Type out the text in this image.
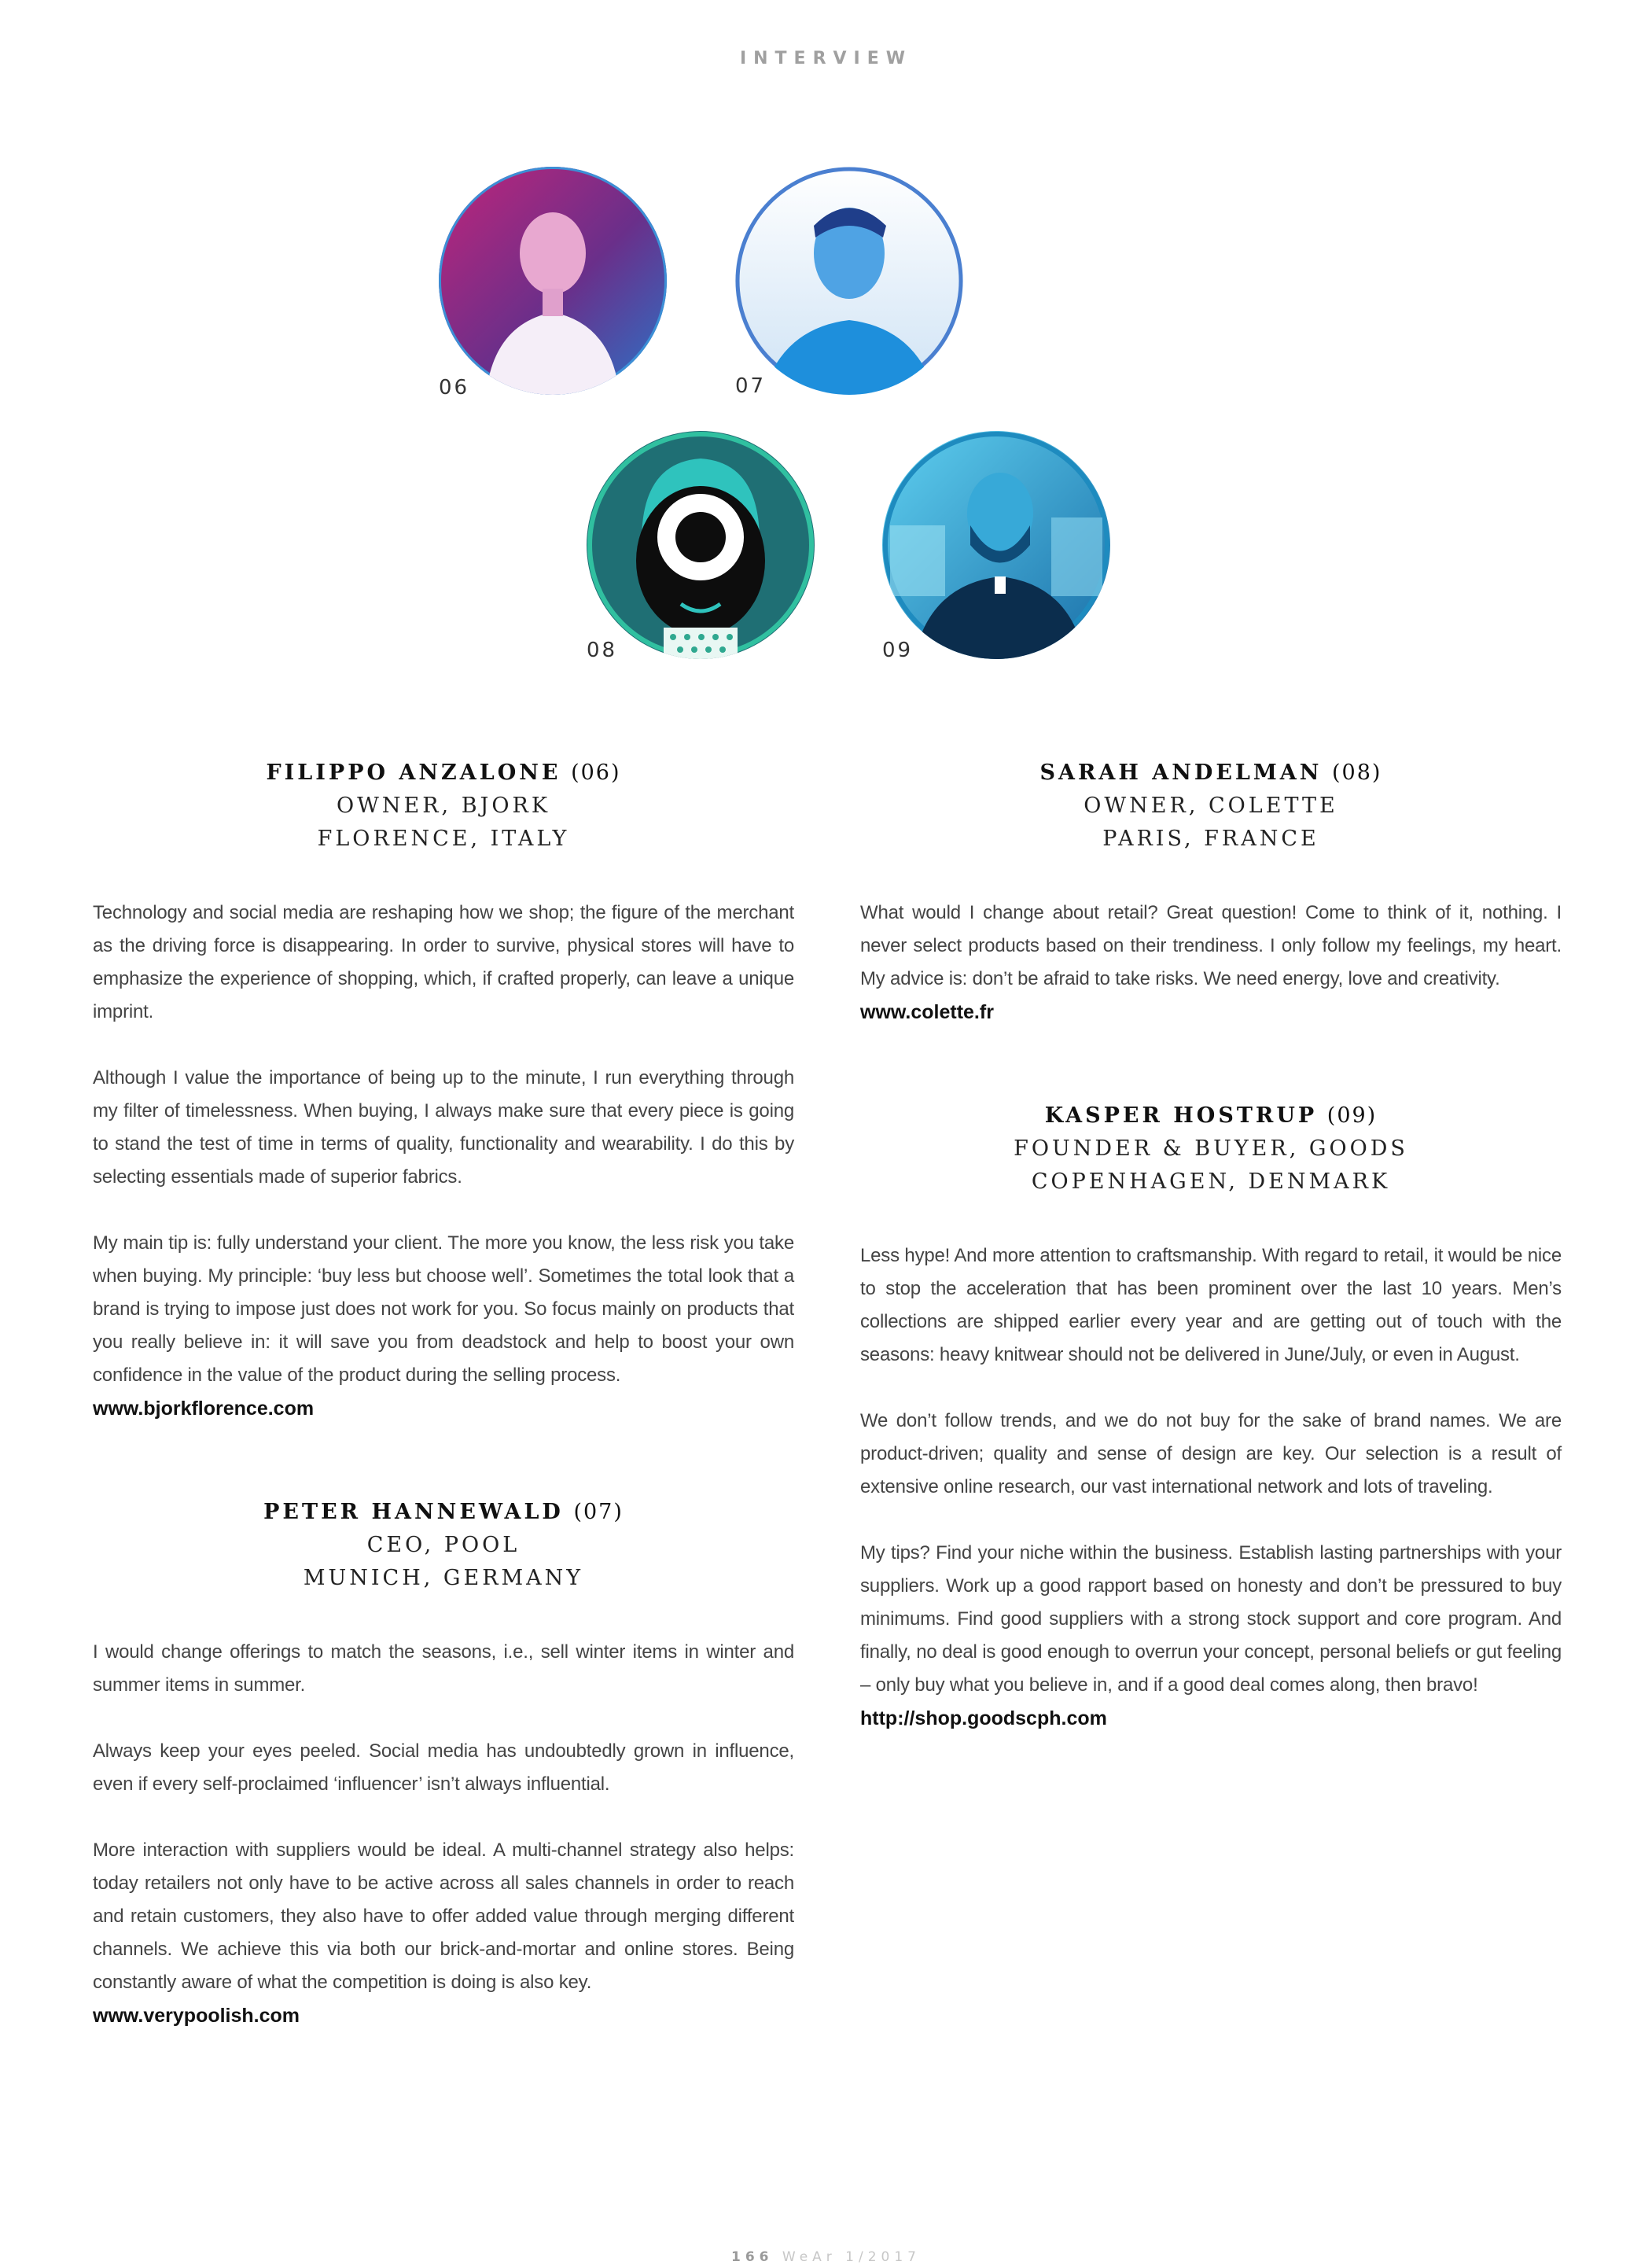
INTERVIEW
06	07
08	09
FILIPPO ANZALONE (06)
OWNER, BJORK
FLORENCE, ITALY

Technology and social media are reshaping how we shop; the figure of the merchant as the driving force is disappearing. In order to survive, physical stores will have to emphasize the experience of shopping, which, if crafted properly, can leave a unique imprint.

Although I value the importance of being up to the minute, I run everything through my filter of timelessness. When buying, I always make sure that every piece is going to stand the test of time in terms of quality, functionality and wearability. I do this by selecting essentials made of superior fabrics.

My main tip is: fully understand your client. The more you know, the less risk you take when buying. My principle: ‘buy less but choose well’. Sometimes the total look that a brand is trying to impose just does not work for you. So focus mainly on products that you really believe in: it will save you from deadstock and help to boost your own confidence in the value of the product during the selling process.

www.bjorkflorence.com

PETER HANNEWALD (07)
CEO, POOL
MUNICH, GERMANY

I would change offerings to match the seasons, i.e., sell winter items in winter and summer items in summer.

Always keep your eyes peeled. Social media has undoubtedly grown in influence, even if every self-proclaimed ‘influencer’ isn’t always influential.

More interaction with suppliers would be ideal. A multi-channel strategy also helps: today retailers not only have to be active across all sales channels in order to reach and retain customers, they also have to offer added value through merging different channels. We achieve this via both our brick-and-mortar and online stores. Being constantly aware of what the competition is doing is also key.

www.verypoolish.com

SARAH ANDELMAN (08)
OWNER, COLETTE
PARIS, FRANCE

What would I change about retail? Great question! Come to think of it, nothing. I never select products based on their trendiness. I only follow my feelings, my heart. My advice is: don’t be afraid to take risks. We need energy, love and creativity.

www.colette.fr

KASPER HOSTRUP (09)
FOUNDER & BUYER, GOODS
COPENHAGEN, DENMARK

Less hype! And more attention to craftsmanship. With regard to retail, it would be nice to stop the acceleration that has been prominent over the last 10 years. Men’s collections are shipped earlier every year and are getting out of touch with the seasons: heavy knitwear should not be delivered in June/July, or even in August.

We don’t follow trends, and we do not buy for the sake of brand names. We are product-driven; quality and sense of design are key. Our selection is a result of extensive online research, our vast international network and lots of traveling.

My tips? Find your niche within the business. Establish lasting partnerships with your suppliers. Work up a good rapport based on honesty and don’t be pressured to buy minimums. Find good suppliers with a strong stock support and core program. And finally, no deal is good enough to overrun your concept, personal beliefs or gut feeling – only buy what you believe in, and if a good deal comes along, then bravo!

http://shop.goodscph.com

166 WeAr 1/2017
